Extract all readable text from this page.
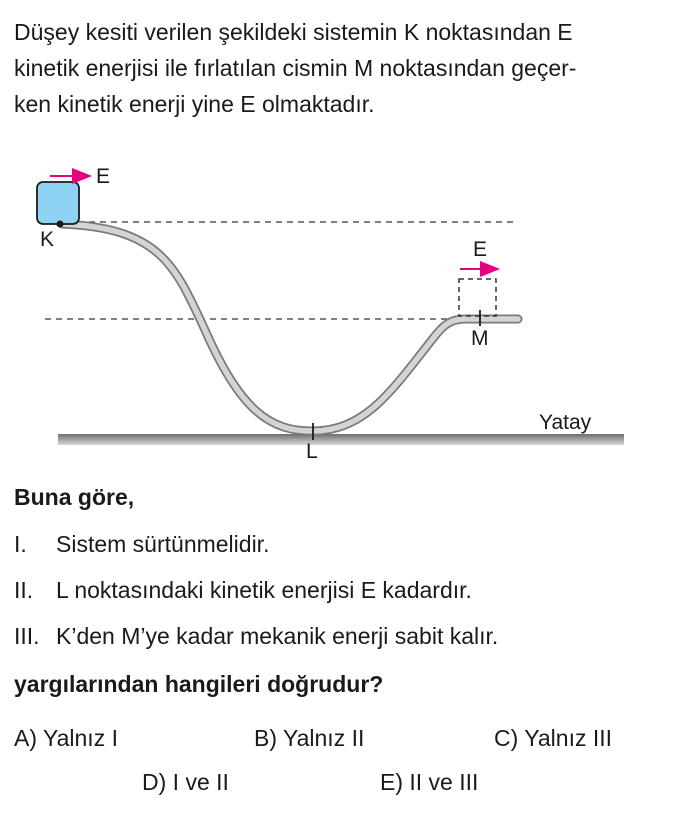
Düşey kesiti verilen şekildeki sistemin K noktasından E
kinetik enerjisi ile fırlatılan cismin M noktasından geçer-
ken kinetik enerji yine E olmaktadır.
E
K	E
M
L
Yatay
Buna göre,
I. Sistem sürtünmelidir.
II. L noktasındaki kinetik enerjisi E kadardır.
III. K’den M’ye kadar mekanik enerji sabit kalır.
yargılarından hangileri doğrudur?
A) Yalnız I	B) Yalnız II	C) Yalnız III
D) I ve II	E) II ve III
